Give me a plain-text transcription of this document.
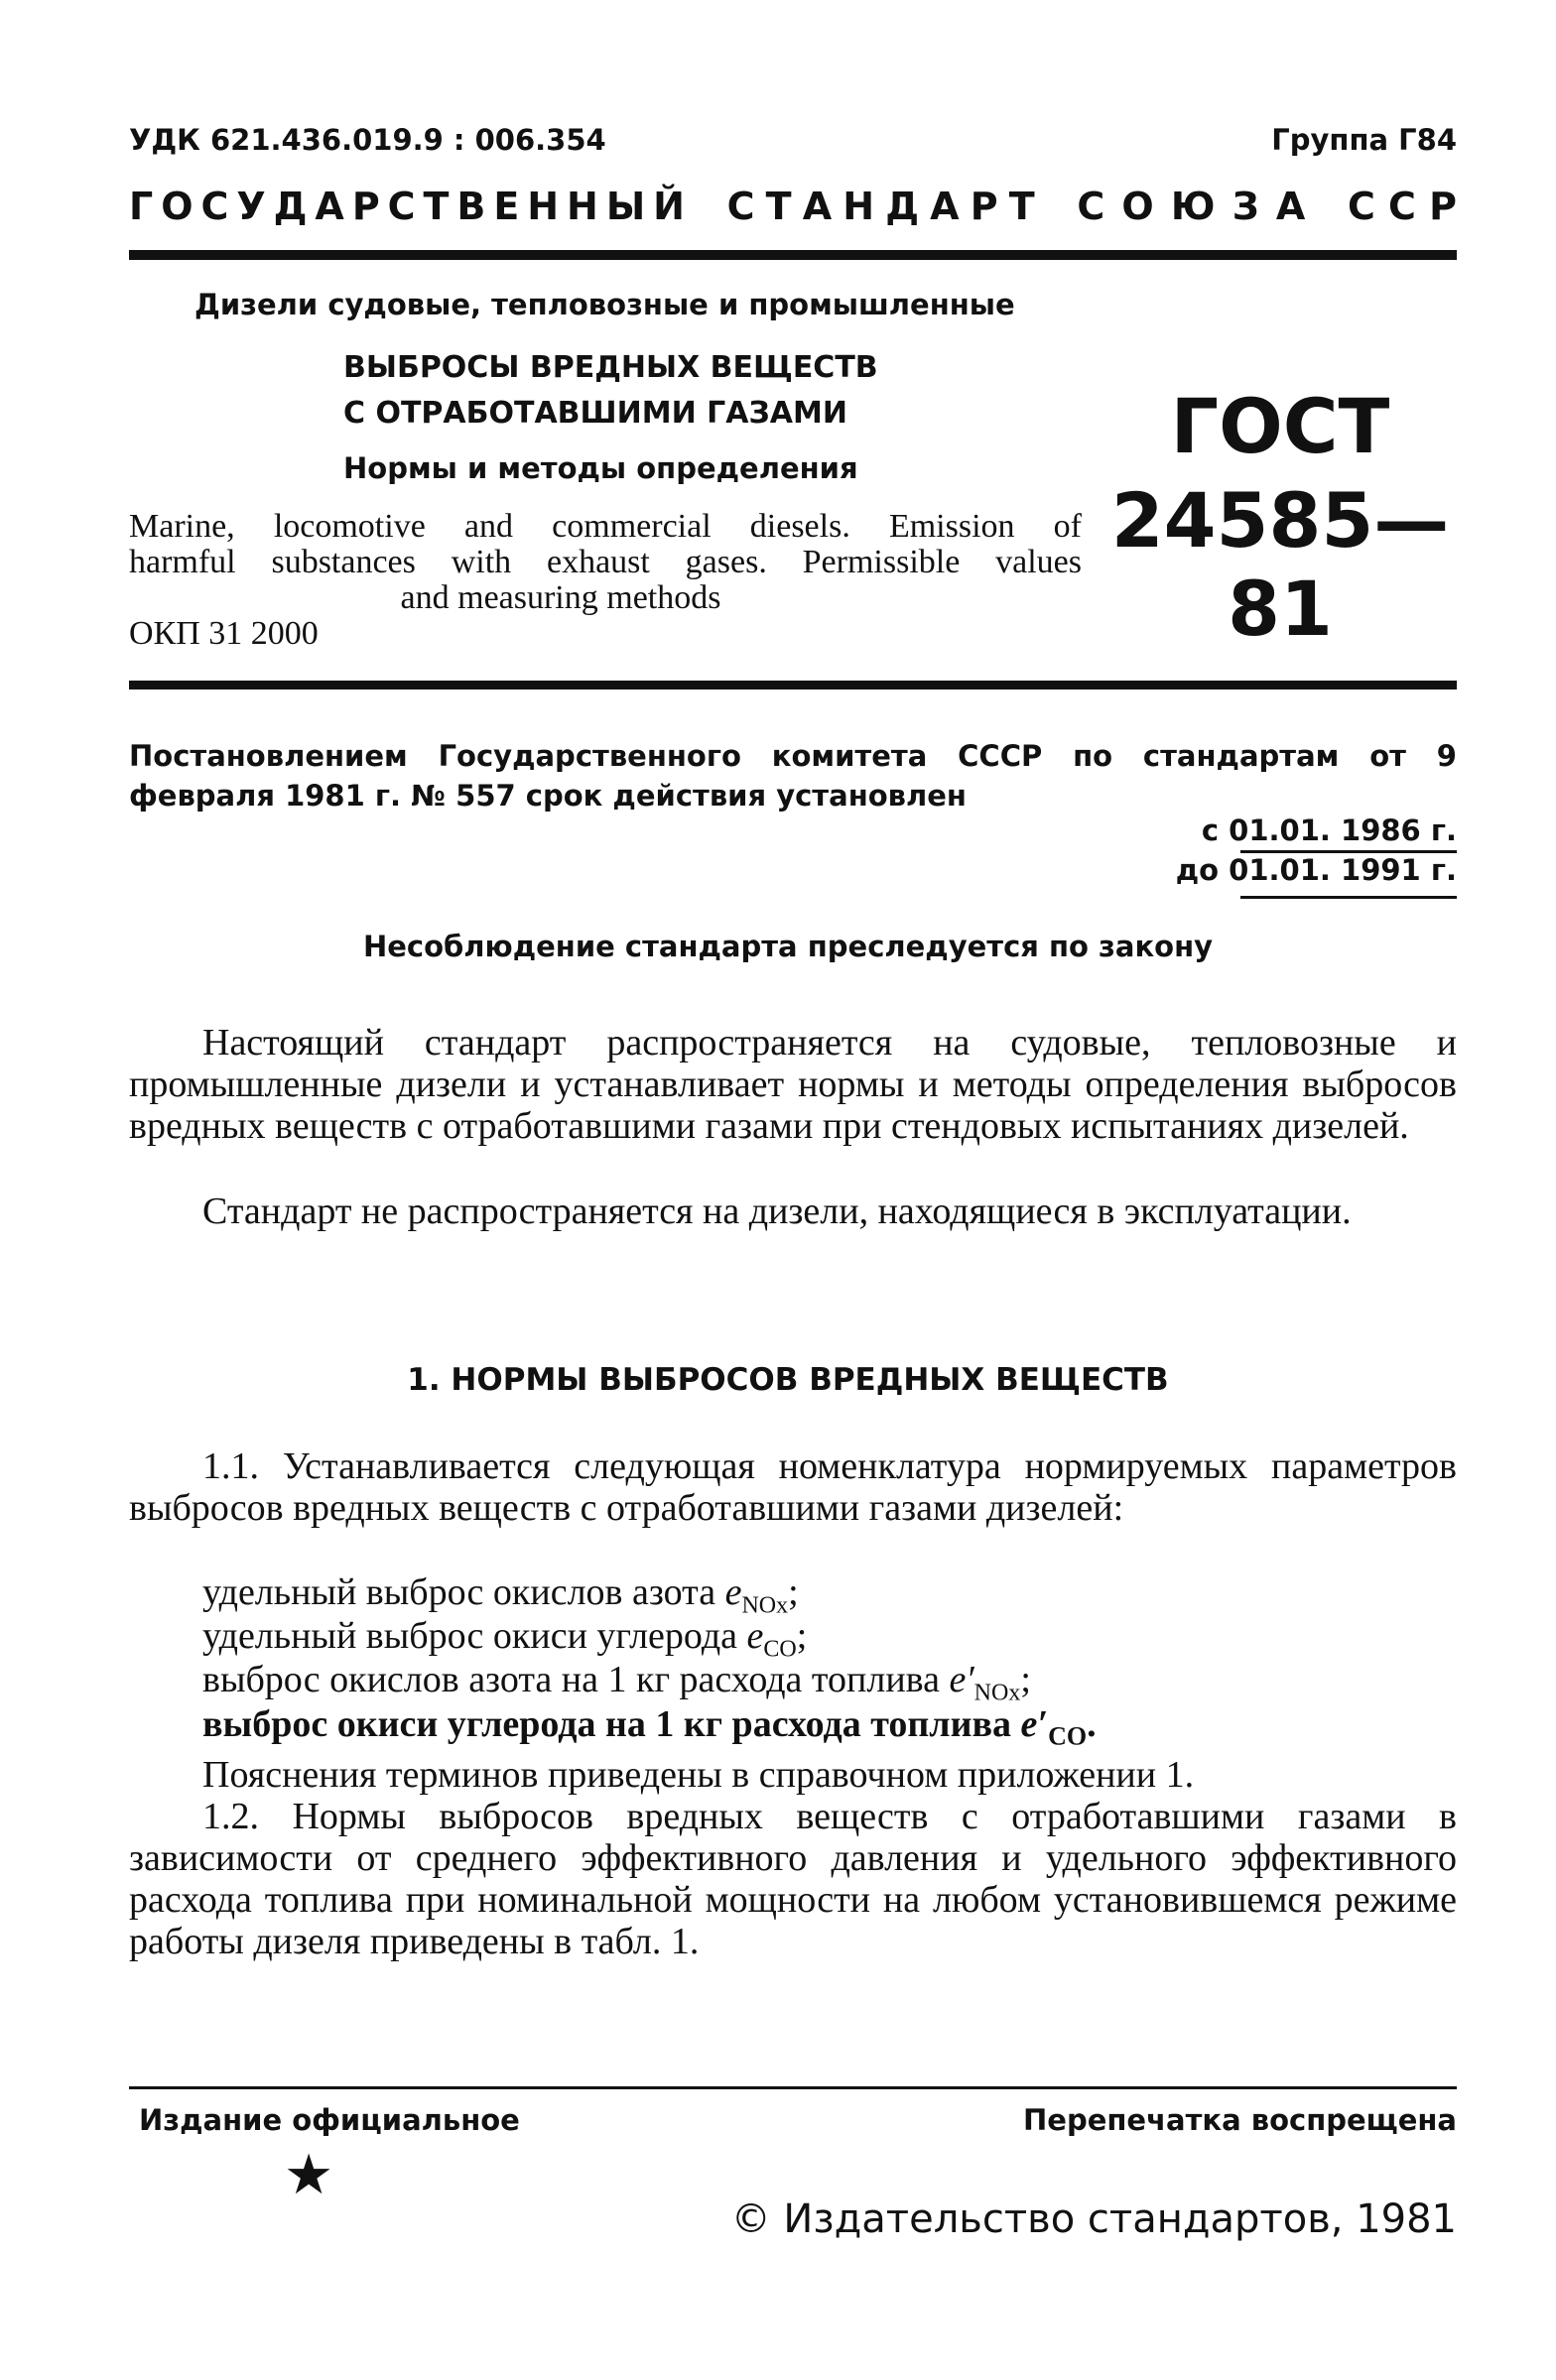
УДК 621.436.019.9 : 006.354	Группа Г84
Г О С У Д А Р С Т В Е Н Н Ы Й С Т А Н Д А Р Т С О Ю З А С С Р
Дизели судовые, тепловозные и промышленные
ВЫБРОСЫ ВРЕДНЫХ ВЕЩЕСТВ
С ОТРАБОТАВШИМИ ГАЗАМИ
Нормы и методы определения
Marine, locomotive and commercial diesels. Emission of
harmful substances with exhaust gases. Permissible values
and measuring methods
ОКП 31 2000
ГОСТ
24585—81
Постановлением Государственного комитета СССР по стандартам от 9 февраля 1981 г. № 557 срок действия установлен
с 01.01. 1986 г.
до 01.01. 1991 г.
Несоблюдение стандарта преследуется по закону
Настоящий стандарт распространяется на судовые, тепловозные и промышленные дизели и устанавливает нормы и методы определения выбросов вредных веществ с отработавшими газами при стендовых испытаниях дизелей.
Стандарт не распространяется на дизели, находящиеся в эксплуатации.
1. НОРМЫ ВЫБРОСОВ ВРЕДНЫХ ВЕЩЕСТВ
1.1. Устанавливается следующая номенклатура нормируемых параметров выбросов вредных веществ с отработавшими газами дизелей:
удельный выброс окислов азота $e_{NOx}$;
удельный выброс окиси углерода $e_{CO}$;
выброс окислов азота на 1 кг расхода топлива $e'_{NOx}$;
выброс окиси углерода на 1 кг расхода топлива $e'_{CO}$.
Пояснения терминов приведены в справочном приложении 1.
1.2. Нормы выбросов вредных веществ с отработавшими газами в зависимости от среднего эффективного давления и удельного эффективного расхода топлива при номинальной мощности на любом установившемся режиме работы дизеля приведены в табл. 1.
Издание официальное	Перепечатка воспрещена
★
© Издательство стандартов, 1981
